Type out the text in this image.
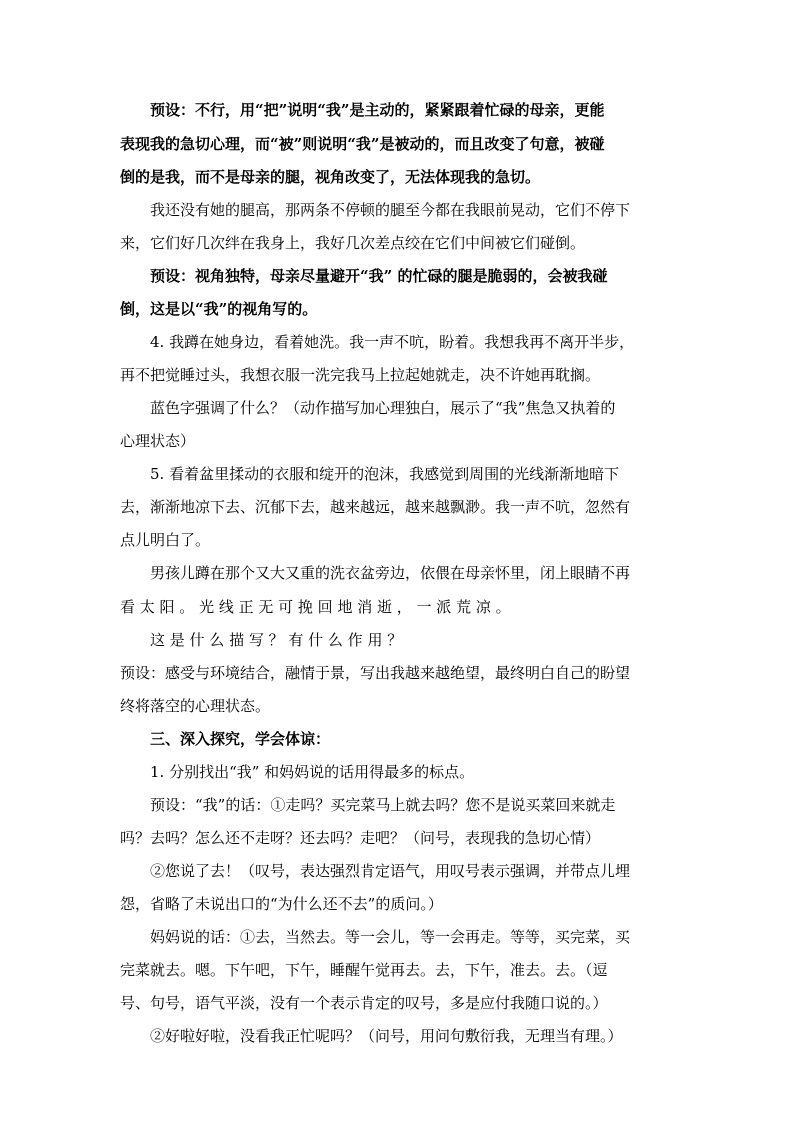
预设：不行，用“把”说明“我”是主动的，紧紧跟着忙碌的母亲，更能
表现我的急切心理，而“被”则说明“我”是被动的，而且改变了句意，被碰
倒的是我，而不是母亲的腿，视角改变了，无法体现我的急切。
我还没有她的腿高，那两条不停顿的腿至今都在我眼前晃动，它们不停下
来，它们好几次绊在我身上，我好几次差点绞在它们中间被它们碰倒。
预设：视角独特，母亲尽量避开“我” 的忙碌的腿是脆弱的，会被我碰
倒，这是以“我”的视角写的。
4. 我蹲在她身边，看着她洗。我一声不吭，盼着。我想我再不离开半步，
再不把觉睡过头，我想衣服一洗完我马上拉起她就走，决不许她再耽搁。
蓝色字强调了什么？（动作描写加心理独白，展示了“我”焦急又执着的
心理状态）
5. 看着盆里揉动的衣服和绽开的泡沫，我感觉到周围的光线渐渐地暗下
去，渐渐地凉下去、沉郁下去，越来越远，越来越飘渺。我一声不吭，忽然有
点儿明白了。
男孩儿蹲在那个又大又重的洗衣盆旁边，依偎在母亲怀里，闭上眼睛不再
看 太 阳 。 光 线 正 无 可 挽 回 地 消 逝 ， 一 派 荒 凉 。
这 是 什 么 描 写 ？ 有 什 么 作 用 ？
预设：感受与环境结合，融情于景，写出我越来越绝望，最终明白自己的盼望
终将落空的心理状态。
三、深入探究，学会体谅：
1. 分别找出“我” 和妈妈说的话用得最多的标点。
预设：“我”的话：①走吗？买完菜马上就去吗？您不是说买菜回来就走
吗？去吗？怎么还不走呀？还去吗？走吧？（问号，表现我的急切心情）
②您说了去！（叹号，表达强烈肯定语气，用叹号表示强调，并带点儿埋
怨，省略了未说出口的“为什么还不去”的质问。）
妈妈说的话：①去，当然去。等一会儿，等一会再走。等等，买完菜，买
完菜就去。嗯。下午吧，下午，睡醒午觉再去。去，下午，准去。去。（逗
号、句号，语气平淡，没有一个表示肯定的叹号，多是应付我随口说的。）
②好啦好啦，没看我正忙呢吗？（问号，用问句敷衍我，无理当有理。）
